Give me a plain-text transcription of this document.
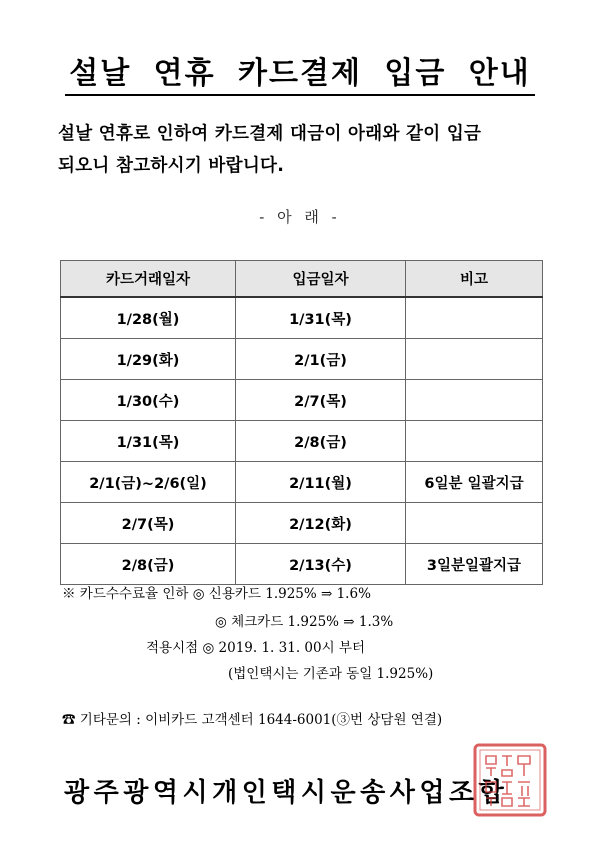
설날 연휴 카드결제 입금 안내
설날 연휴로 인하여 카드결제 대금이 아래와 같이 입금
되오니 참고하시기 바랍니다.
- 아 래 -
카드거래일자	입금일자	비고
1/28(월)	1/31(목)	
1/29(화)	2/1(금)	
1/30(수)	2/7(목)	
1/31(목)	2/8(금)	
2/1(금)~2/6(일)	2/11(월)	6일분 일괄지급
2/7(목)	2/12(화)	
2/8(금)	2/13(수)	3일분일괄지급
※ 카드수수료율 인하 ◎ 신용카드 1.925% ⇒ 1.6%
◎ 체크카드 1.925% ⇒ 1.3%
적용시점 ◎ 2019. 1. 31. 00시 부터
(법인택시는 기존과 동일 1.925%)
☎ 기타문의 : 이비카드 고객센터 1644-6001(③번 상담원 연결)
광주광역시개인택시운송사업조합
